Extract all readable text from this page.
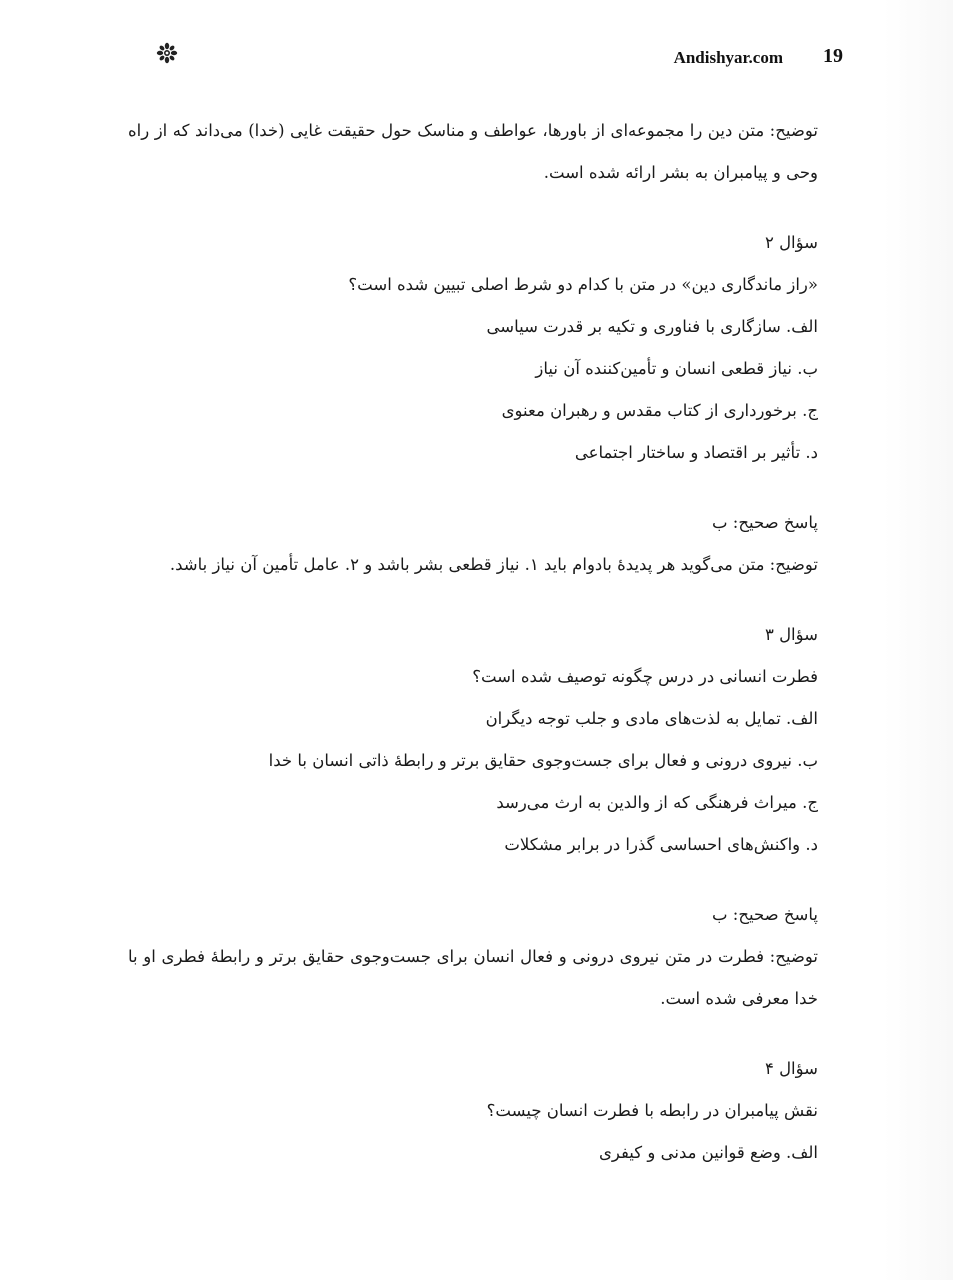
Andishyar.com 19

توضیح: متن دین را مجموعه‌ای از باورها، عواطف و مناسک حول حقیقت غایی (خدا) می‌داند که از راه وحی و پیامبران به بشر ارائه شده است.

سؤال ۲

«راز ماندگاری دین» در متن با کدام دو شرط اصلی تبیین شده است؟

الف. سازگاری با فناوری و تکیه بر قدرت سیاسی

ب. نیاز قطعی انسان و تأمین‌کننده آن نیاز

ج. برخورداری از کتاب مقدس و رهبران معنوی

د. تأثیر بر اقتصاد و ساختار اجتماعی

پاسخ صحیح: ب

توضیح: متن می‌گوید هر پدیدهٔ بادوام باید ۱. نیاز قطعی بشر باشد و ۲. عامل تأمین آن نیاز باشد.

سؤال ۳

فطرت انسانی در درس چگونه توصیف شده است؟

الف. تمایل به لذت‌های مادی و جلب توجه دیگران

ب. نیروی درونی و فعال برای جست‌وجوی حقایق برتر و رابطهٔ ذاتی انسان با خدا

ج. میراث فرهنگی که از والدین به ارث می‌رسد

د. واکنش‌های احساسی گذرا در برابر مشکلات

پاسخ صحیح: ب

توضیح: فطرت در متن نیروی درونی و فعال انسان برای جست‌وجوی حقایق برتر و رابطهٔ فطری او با خدا معرفی شده است.

سؤال ۴

نقش پیامبران در رابطه با فطرت انسان چیست؟

الف. وضع قوانین مدنی و کیفری
